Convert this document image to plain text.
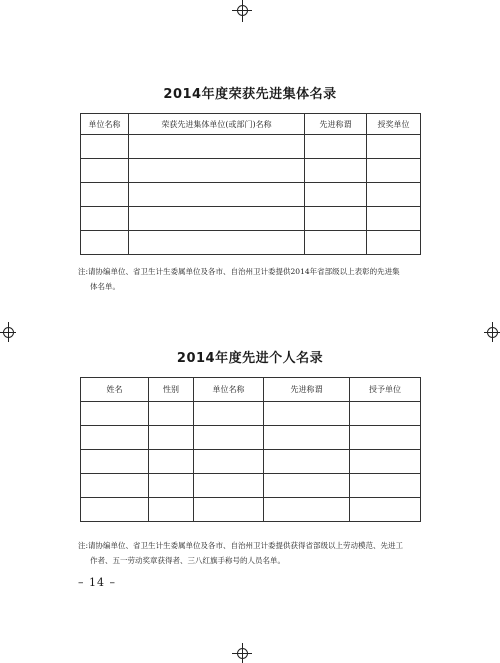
2014年度荣获先进集体名录
单位名称	荣获先进集体单位(或部门)名称	先进称谓	授奖单位

注:请协编单位、省卫生计生委属单位及各市、自治州卫计委提供2014年省部级以上表彰的先进集
体名单。
2014年度先进个人名录
姓名	性别	单位名称	先进称谓	授予单位

注:请协编单位、省卫生计生委属单位及各市、自治州卫计委提供获得省部级以上劳动模范、先进工
作者、五一劳动奖章获得者、三八红旗手称号的人员名单。
– 14 –
